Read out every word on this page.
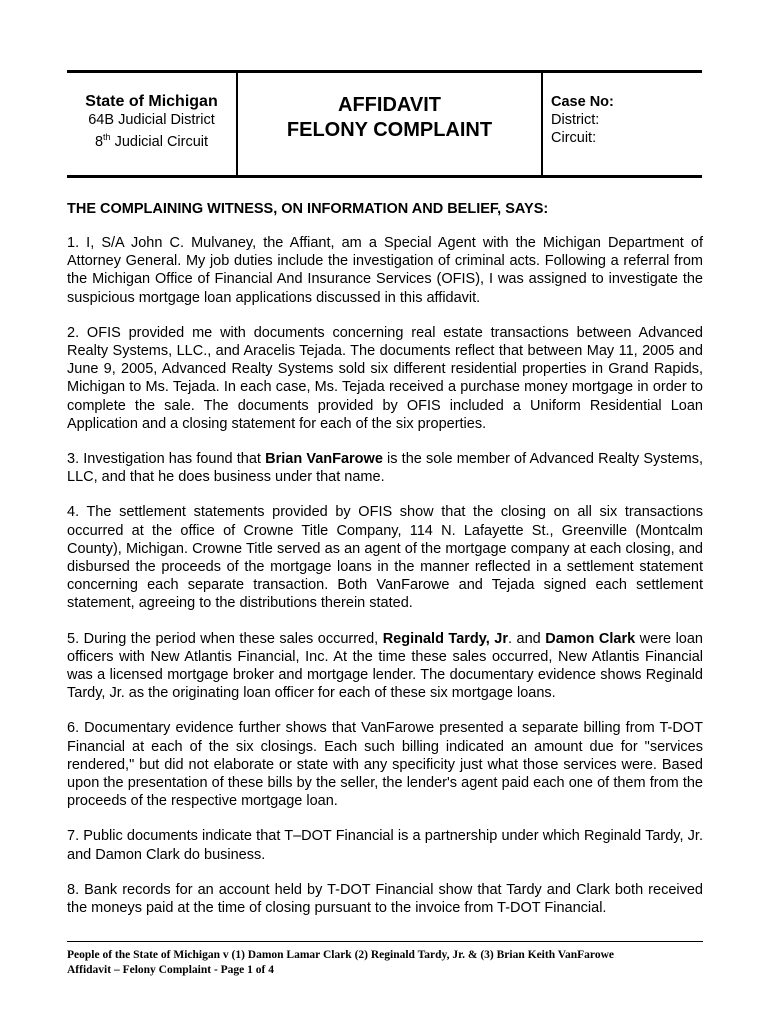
State of Michigan
64B Judicial District
8th Judicial Circuit
AFFIDAVIT
FELONY COMPLAINT
Case No:
District:
Circuit:
THE COMPLAINING WITNESS, ON INFORMATION AND BELIEF, SAYS:

1. I, S/A John C. Mulvaney, the Affiant, am a Special Agent with the Michigan Department of Attorney General. My job duties include the investigation of criminal acts. Following a referral from the Michigan Office of Financial And Insurance Services (OFIS), I was assigned to investigate the suspicious mortgage loan applications discussed in this affidavit.

2. OFIS provided me with documents concerning real estate transactions between Advanced Realty Systems, LLC., and Aracelis Tejada. The documents reflect that between May 11, 2005 and June 9, 2005, Advanced Realty Systems sold six different residential properties in Grand Rapids, Michigan to Ms. Tejada. In each case, Ms. Tejada received a purchase money mortgage in order to complete the sale. The documents provided by OFIS included a Uniform Residential Loan Application and a closing statement for each of the six properties.

3. Investigation has found that Brian VanFarowe is the sole member of Advanced Realty Systems, LLC, and that he does business under that name.

4. The settlement statements provided by OFIS show that the closing on all six transactions occurred at the office of Crowne Title Company, 114 N. Lafayette St., Greenville (Montcalm County), Michigan. Crowne Title served as an agent of the mortgage company at each closing, and disbursed the proceeds of the mortgage loans in the manner reflected in a settlement statement concerning each separate transaction. Both VanFarowe and Tejada signed each settlement statement, agreeing to the distributions therein stated.

5. During the period when these sales occurred, Reginald Tardy, Jr. and Damon Clark were loan officers with New Atlantis Financial, Inc. At the time these sales occurred, New Atlantis Financial was a licensed mortgage broker and mortgage lender. The documentary evidence shows Reginald Tardy, Jr. as the originating loan officer for each of these six mortgage loans.

6. Documentary evidence further shows that VanFarowe presented a separate billing from T-DOT Financial at each of the six closings. Each such billing indicated an amount due for "services rendered," but did not elaborate or state with any specificity just what those services were. Based upon the presentation of these bills by the seller, the lender's agent paid each one of them from the proceeds of the respective mortgage loan.

7. Public documents indicate that T–DOT Financial is a partnership under which Reginald Tardy, Jr. and Damon Clark do business.

8. Bank records for an account held by T-DOT Financial show that Tardy and Clark both received the moneys paid at the time of closing pursuant to the invoice from T-DOT Financial.

People of the State of Michigan v (1) Damon Lamar Clark (2) Reginald Tardy, Jr. & (3) Brian Keith VanFarowe
Affidavit – Felony Complaint - Page 1 of 4
